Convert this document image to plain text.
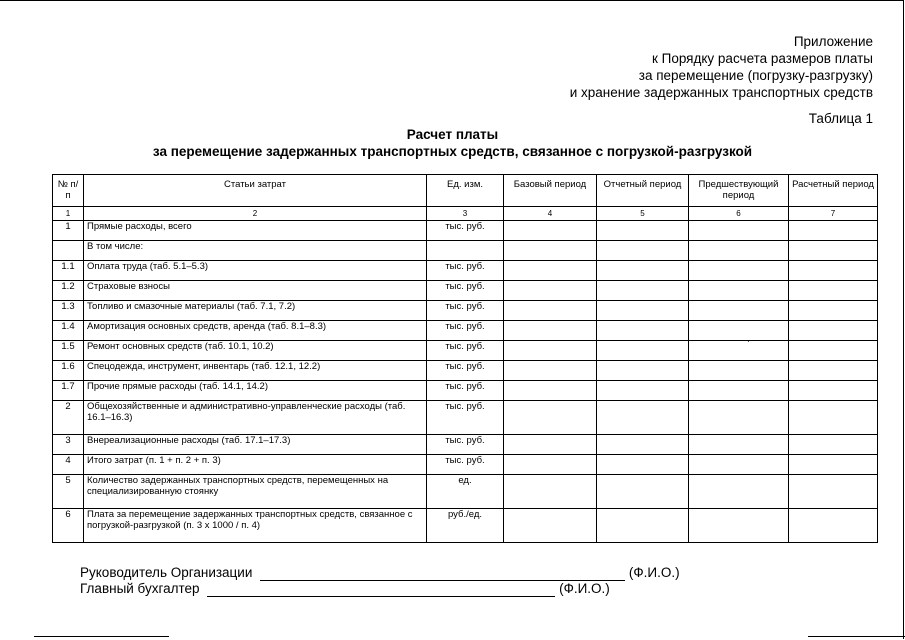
Приложение
к Порядку расчета размеров платы
за перемещение (погрузку-разгрузку)
и хранение задержанных транспортных средств
Таблица 1
Расчет платы
за перемещение задержанных транспортных средств, связанное с погрузкой-разгрузкой
№ п/п	Статьи затрат	Ед. изм.	Базовый период	Отчетный период	Предшествующий период	Расчетный период
1	2	3	4	5	6	7
1	Прямые расходы, всего	тыс. руб.				
	В том числе:					
1.1	Оплата труда (таб. 5.1–5.3)	тыс. руб.				
1.2	Страховые взносы	тыс. руб.				
1.3	Топливо и смазочные материалы (таб. 7.1, 7.2)	тыс. руб.				
1.4	Амортизация основных средств, аренда (таб. 8.1–8.3)	тыс. руб.				
1.5	Ремонт основных средств (таб. 10.1, 10.2)	тыс. руб.				
1.6	Спецодежда, инструмент, инвентарь (таб. 12.1, 12.2)	тыс. руб.				
1.7	Прочие прямые расходы (таб. 14.1, 14.2)	тыс. руб.				
2	Общехозяйственные и административно-управленческие расходы (таб. 16.1–16.3)	тыс. руб.				
3	Внереализационные расходы (таб. 17.1–17.3)	тыс. руб.				
4	Итого затрат (п. 1 + п. 2 + п. 3)	тыс. руб.				
5	Количество задержанных транспортных средств, перемещенных на специализированную стоянку	ед.				
6	Плата за перемещение задержанных транспортных средств, связанное с погрузкой-разгрузкой (п. 3 x 1000 / п. 4)	руб./ед.				
·
Руководитель Организации	(Ф.И.О.)
Главный бухгалтер	(Ф.И.О.)
